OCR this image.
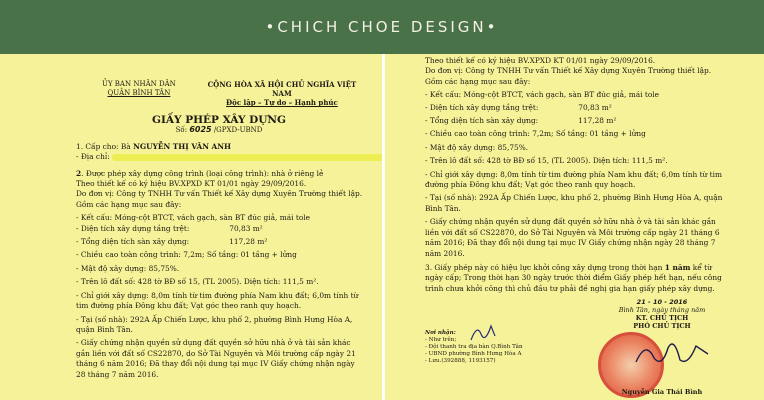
•CHICH CHOE DESIGN•
ỦY BAN NHÂN DÂN
QUẬN BÌNH TÂN
CỘNG HÒA XÃ HỘI CHỦ NGHĨA VIỆT NAM
Độc lập – Tự do – Hạnh phúc
GIẤY PHÉP XÂY DỰNG
Số: 6025 /GPXD-UBND
1. Cấp cho: Bà NGUYỄN THỊ VÂN ANH
- Địa chỉ:
2. Được phép xây dựng công trình (loại công trình): nhà ở riêng lẻ
Theo thiết kế có ký hiệu BV.XPXD KT 01/01 ngày 29/09/2016.
Do đơn vị: Công ty TNHH Tư vấn Thiết kế Xây dựng Xuyên Trường thiết lập.
Gồm các hạng mục sau đây:
- Kết cấu: Móng-cột BTCT, vách gạch, sàn BT đúc giả, mái tole
- Diện tích xây dựng tầng trệt:                 70,83 m²
- Tổng diện tích sàn xây dựng:                 117,28 m²
- Chiều cao toàn công trình: 7,2m; Số tầng: 01 tầng + lửng
- Mật độ xây dựng: 85,75%.
- Trên lô đất số: 428 tờ BĐ số 15, (TL 2005). Diện tích: 111,5 m².
- Chỉ giới xây dựng: 8,0m tính từ tim đường phía Nam khu đất; 6,0m tính từ tim đường phía Đông khu đất; Vạt góc theo ranh quy hoạch.
- Tại (số nhà): 292A Ấp Chiến Lược, khu phố 2, phường Bình Hưng Hòa A, quận Bình Tân.
- Giấy chứng nhận quyền sử dụng đất quyền sở hữu nhà ở và tài sản khác gắn liền với đất số CS22870, do Sở Tài Nguyên và Môi trường cấp ngày 21 tháng 6 năm 2016; Đã thay đổi nội dung tại mục IV Giấy chứng nhận ngày 28 tháng 7 năm 2016.
Theo thiết kế có ký hiệu BV.XPXD KT 01/01 ngày 29/09/2016.
Do đơn vị: Công ty TNHH Tư vấn Thiết kế Xây dựng Xuyên Trường thiết lập.
Gồm các hạng mục sau đây:
- Kết cấu: Móng-cột BTCT, vách gạch, sàn BT đúc giả, mái tole
- Diện tích xây dựng tầng trệt:                 70,83 m²
- Tổng diện tích sàn xây dựng:                 117,28 m²
- Chiều cao toàn công trình: 7,2m; Số tầng: 01 tầng + lửng
- Mật độ xây dựng: 85,75%.
- Trên lô đất số: 428 tờ BĐ số 15, (TL 2005). Diện tích: 111,5 m².
- Chỉ giới xây dựng: 8,0m tính từ tim đường phía Nam khu đất; 6,0m tính từ tim đường phía Đông khu đất; Vạt góc theo ranh quy hoạch.
- Tại (số nhà): 292A Ấp Chiến Lược, khu phố 2, phường Bình Hưng Hòa A, quận Bình Tân.
- Giấy chứng nhận quyền sử dụng đất quyền sở hữu nhà ở và tài sản khác gắn liền với đất số CS22870, do Sở Tài Nguyên và Môi trường cấp ngày 21 tháng 6 năm 2016; Đã thay đổi nội dung tại mục IV Giấy chứng nhận ngày 28 tháng 7 năm 2016.
3. Giấy phép này có hiệu lực khởi công xây dựng trong thời hạn 1 năm kể từ ngày cấp; Trong thời hạn 30 ngày trước thời điểm Giấy phép hết hạn, nếu công trình chưa khởi công thì chủ đầu tư phải đề nghị gia hạn giấy phép xây dựng.
Nơi nhận:
- Như trên;
- Đội thanh tra địa bàn Q.Bình Tân
- UBND phường Bình Hưng Hòa A
- Lưu.(392888, 1193157)
21 - 10 - 2016
Bình Tân, ngày tháng năm
KT. CHỦ TỊCH
PHÓ CHỦ TỊCH
Nguyễn Gia Thái Bình
